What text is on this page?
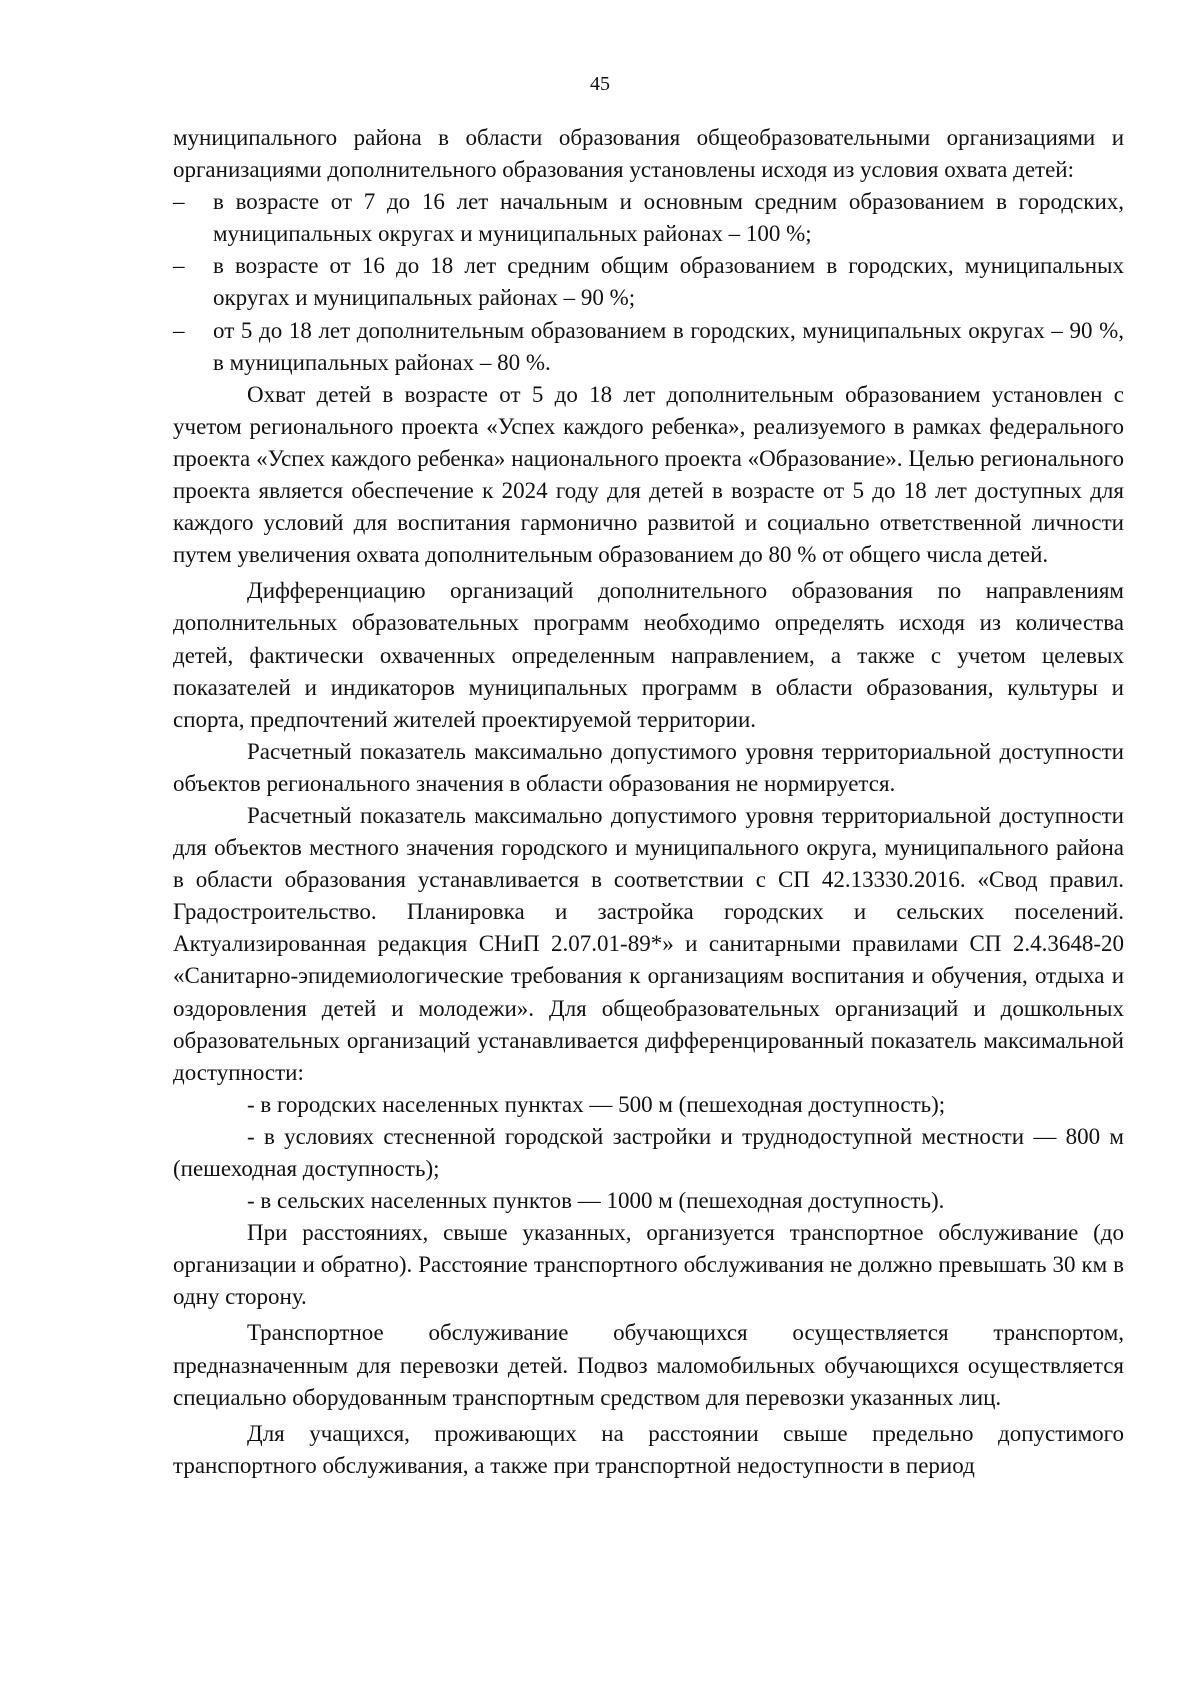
45

муниципального района в области образования общеобразовательными организациями и организациями дополнительного образования установлены исходя из условия охвата детей:

– в возрасте от 7 до 16 лет начальным и основным средним образованием в городских, муниципальных округах и муниципальных районах – 100 %;

– в возрасте от 16 до 18 лет средним общим образованием в городских, муниципальных округах и муниципальных районах – 90 %;

– от 5 до 18 лет дополнительным образованием в городских, муниципальных округах – 90 %, в муниципальных районах – 80 %.

Охват детей в возрасте от 5 до 18 лет дополнительным образованием установлен с учетом регионального проекта «Успех каждого ребенка», реализуемого в рамках федерального проекта «Успех каждого ребенка» национального проекта «Образование». Целью регионального проекта является обеспечение к 2024 году для детей в возрасте от 5 до 18 лет доступных для каждого условий для воспитания гармонично развитой и социально ответственной личности путем увеличения охвата дополнительным образованием до 80 % от общего числа детей.

Дифференциацию организаций дополнительного образования по направлениям дополнительных образовательных программ необходимо определять исходя из количества детей, фактически охваченных определенным направлением, а также с учетом целевых показателей и индикаторов муниципальных программ в области образования, культуры и спорта, предпочтений жителей проектируемой территории.

Расчетный показатель максимально допустимого уровня территориальной доступности объектов регионального значения в области образования не нормируется.

Расчетный показатель максимально допустимого уровня территориальной доступности для объектов местного значения городского и муниципального округа, муниципального района в области образования устанавливается в соответствии с СП 42.13330.2016. «Свод правил. Градостроительство. Планировка и застройка городских и сельских поселений. Актуализированная редакция СНиП 2.07.01-89*» и санитарными правилами СП 2.4.3648-20 «Санитарно-эпидемиологические требования к организациям воспитания и обучения, отдыха и оздоровления детей и молодежи». Для общеобразовательных организаций и дошкольных образовательных организаций устанавливается дифференцированный показатель максимальной доступности:

- в городских населенных пунктах — 500 м (пешеходная доступность);

- в условиях стесненной городской застройки и труднодоступной местности — 800 м (пешеходная доступность);

- в сельских населенных пунктов — 1000 м (пешеходная доступность).

При расстояниях, свыше указанных, организуется транспортное обслуживание (до организации и обратно). Расстояние транспортного обслуживания не должно превышать 30 км в одну сторону.

Транспортное обслуживание обучающихся осуществляется транспортом, предназначенным для перевозки детей. Подвоз маломобильных обучающихся осуществляется специально оборудованным транспортным средством для перевозки указанных лиц.

Для учащихся, проживающих на расстоянии свыше предельно допустимого транспортного обслуживания, а также при транспортной недоступности в период
